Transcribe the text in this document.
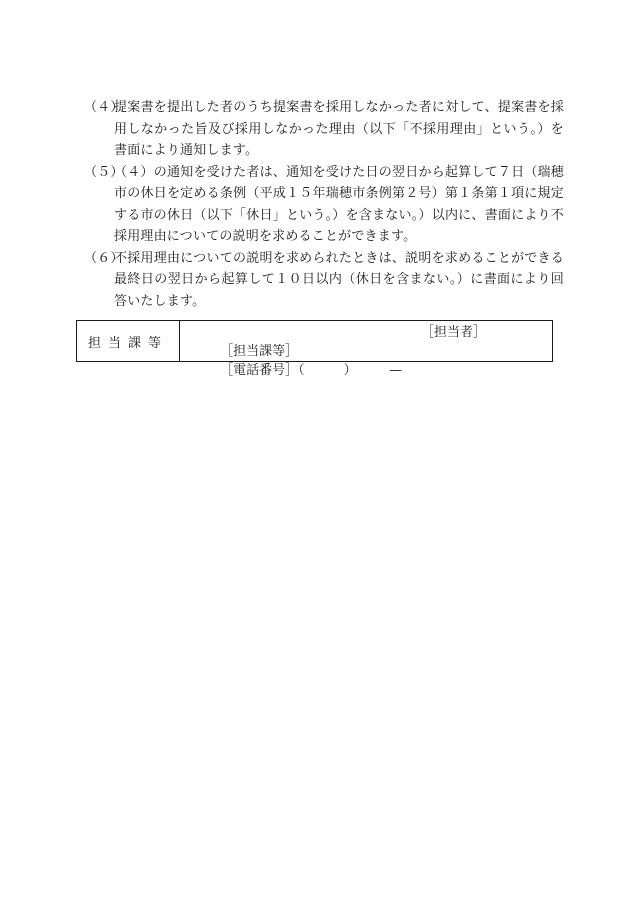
（４）提案書を提出した者のうち提案書を採用しなかった者に対して、提案書を採用しなかった旨及び採用しなかった理由（以下「不採用理由」という。）を書面により通知します。

（５）（４）の通知を受けた者は、通知を受けた日の翌日から起算して７日（瑞穂市の休日を定める条例（平成１５年瑞穂市条例第２号）第１条第１項に規定する市の休日（以下「休日」という。）を含まない。）以内に、書面により不採用理由についての説明を求めることができます。

（６）不採用理由についての説明を求められたときは、説明を求めることができる最終日の翌日から起算して１０日以内（休日を含まない。）に書面により回答いたします。

担当課等

［担当課等］

［担当者］

［電話番号］（　　　）　　　—
